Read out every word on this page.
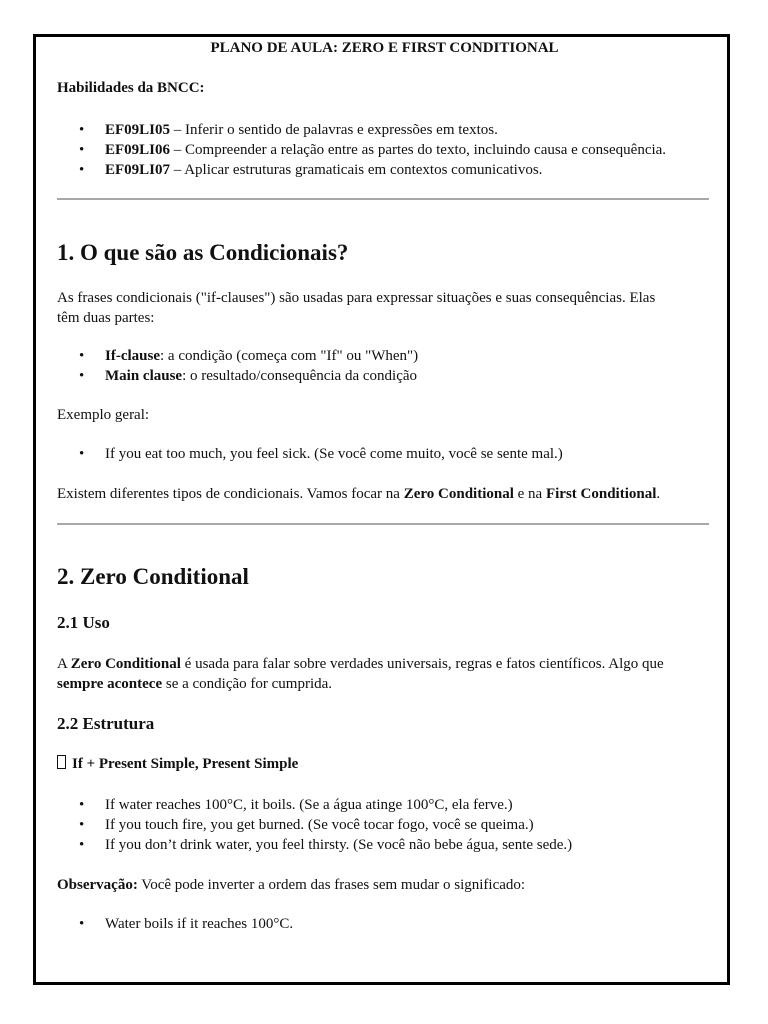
PLANO DE AULA: ZERO E FIRST CONDITIONAL
Habilidades da BNCC:
• EF09LI05 – Inferir o sentido de palavras e expressões em textos.
• EF09LI06 – Compreender a relação entre as partes do texto, incluindo causa e consequência.
• EF09LI07 – Aplicar estruturas gramaticais em contextos comunicativos.
1. O que são as Condicionais?
As frases condicionais ("if-clauses") são usadas para expressar situações e suas consequências. Elas
têm duas partes:
• If-clause: a condição (começa com "If" ou "When")
• Main clause: o resultado/consequência da condição
Exemplo geral:
• If you eat too much, you feel sick. (Se você come muito, você se sente mal.)
Existem diferentes tipos de condicionais. Vamos focar na Zero Conditional e na First Conditional.
2. Zero Conditional
2.1 Uso
A Zero Conditional é usada para falar sobre verdades universais, regras e fatos científicos. Algo que
sempre acontece se a condição for cumprida.
2.2 Estrutura
If + Present Simple, Present Simple
• If water reaches 100°C, it boils. (Se a água atinge 100°C, ela ferve.)
• If you touch fire, you get burned. (Se você tocar fogo, você se queima.)
• If you don’t drink water, you feel thirsty. (Se você não bebe água, sente sede.)
Observação: Você pode inverter a ordem das frases sem mudar o significado:
• Water boils if it reaches 100°C.
